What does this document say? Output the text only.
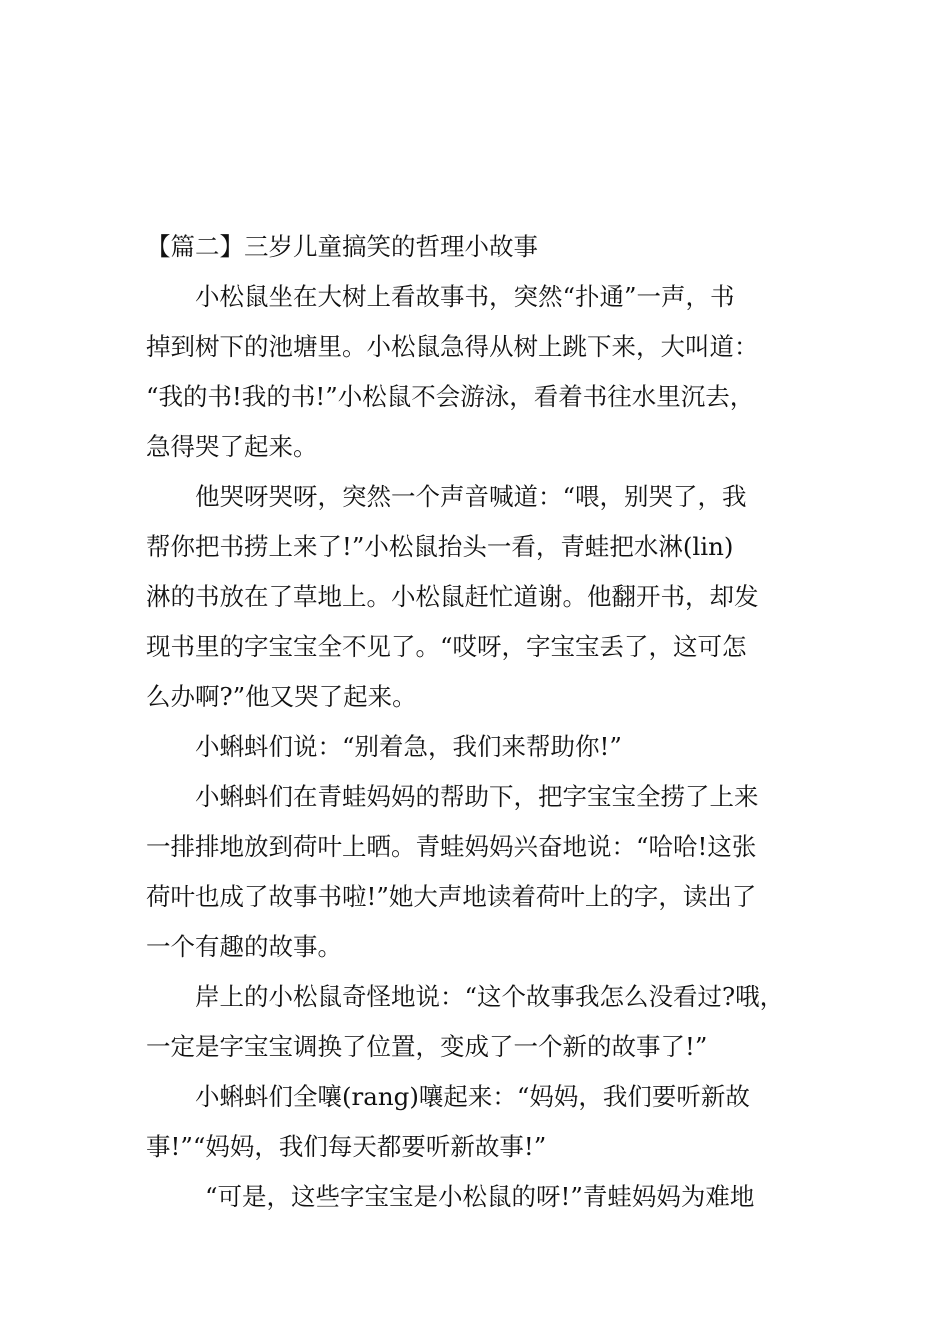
【篇二】三岁儿童搞笑的哲理小故事
小松鼠坐在大树上看故事书，突然“扑通”一声，书
掉到树下的池塘里。小松鼠急得从树上跳下来，大叫道：
“我的书!我的书!”小松鼠不会游泳，看着书往水里沉去，
急得哭了起来。
他哭呀哭呀，突然一个声音喊道：“喂，别哭了，我
帮你把书捞上来了!”小松鼠抬头一看，青蛙把水淋(lin)
淋的书放在了草地上。小松鼠赶忙道谢。他翻开书，却发
现书里的字宝宝全不见了。“哎呀，字宝宝丢了，这可怎
么办啊?”他又哭了起来。
小蝌蚪们说：“别着急，我们来帮助你!”
小蝌蚪们在青蛙妈妈的帮助下，把字宝宝全捞了上来
一排排地放到荷叶上晒。青蛙妈妈兴奋地说：“哈哈!这张
荷叶也成了故事书啦!”她大声地读着荷叶上的字，读出了
一个有趣的故事。
岸上的小松鼠奇怪地说：“这个故事我怎么没看过?哦，
一定是字宝宝调换了位置，变成了一个新的故事了!”
小蝌蚪们全嚷(rang)嚷起来：“妈妈，我们要听新故
事!”“妈妈，我们每天都要听新故事!”
“可是，这些字宝宝是小松鼠的呀!”青蛙妈妈为难地
